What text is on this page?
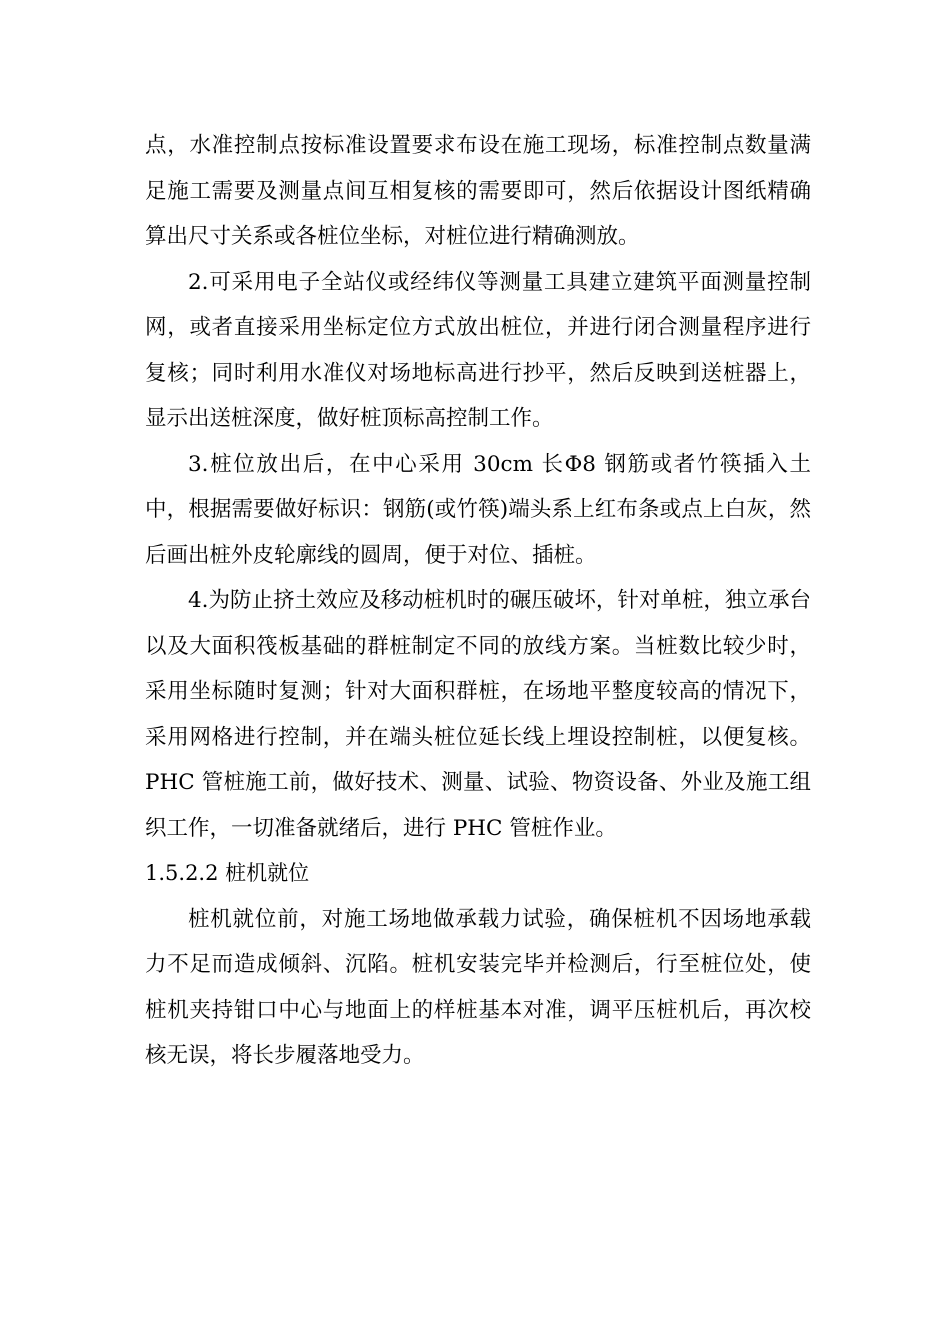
点，水准控制点按标准设置要求布设在施工现场，标准控制点数量满足施工需要及测量点间互相复核的需要即可，然后依据设计图纸精确算出尺寸关系或各桩位坐标，对桩位进行精确测放。

2.可采用电子全站仪或经纬仪等测量工具建立建筑平面测量控制网，或者直接采用坐标定位方式放出桩位，并进行闭合测量程序进行复核；同时利用水准仪对场地标高进行抄平，然后反映到送桩器上，显示出送桩深度，做好桩顶标高控制工作。

3.桩位放出后，在中心采用 30cm 长Φ8 钢筋或者竹筷插入土中，根据需要做好标识：钢筋(或竹筷)端头系上红布条或点上白灰，然后画出桩外皮轮廓线的圆周，便于对位、插桩。

4.为防止挤土效应及移动桩机时的碾压破坏，针对单桩，独立承台以及大面积筏板基础的群桩制定不同的放线方案。当桩数比较少时，采用坐标随时复测；针对大面积群桩，在场地平整度较高的情况下，采用网格进行控制，并在端头桩位延长线上埋设控制桩，以便复核。PHC 管桩施工前，做好技术、测量、试验、物资设备、外业及施工组织工作，一切准备就绪后，进行 PHC 管桩作业。

1.5.2.2 桩机就位

桩机就位前，对施工场地做承载力试验，确保桩机不因场地承载力不足而造成倾斜、沉陷。桩机安装完毕并检测后，行至桩位处，使桩机夹持钳口中心与地面上的样桩基本对准，调平压桩机后，再次校核无误，将长步履落地受力。
